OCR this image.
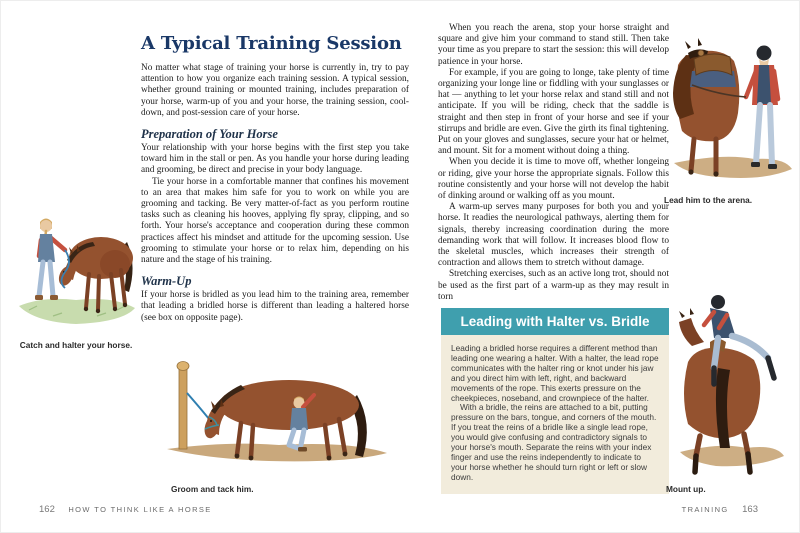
A Typical Training Session

No matter what stage of training your horse is currently in, try to pay attention to how you organize each training session. A typical session, whether ground training or mounted training, includes preparation of your horse, warm-up of you and your horse, the training session, cool-down, and post-session care of your horse.

Preparation of Your Horse

Your relationship with your horse begins with the first step you take toward him in the stall or pen. As you handle your horse during leading and grooming, be direct and precise in your body language.

Tie your horse in a comfortable manner that confines his movement to an area that makes him safe for you to work on while you are grooming and tacking. Be very matter-of-fact as you perform routine tasks such as cleaning his hooves, applying fly spray, clipping, and so forth. Your horse's acceptance and cooperation during these common practices affect his mindset and attitude for the upcoming session. Use grooming to stimulate your horse or to relax him, depending on his nature and the stage of his training.

Warm-Up

If your horse is bridled as you lead him to the training area, remember that leading a bridled horse is different than leading a haltered horse (see box on opposite page).

Catch and halter your horse.
Groom and tack him.
162 HOW TO THINK LIKE A HORSE

When you reach the arena, stop your horse straight and square and give him your command to stand still. Then take your time as you prepare to start the session: this will develop patience in your horse.

For example, if you are going to longe, take plenty of time organizing your longe line or fiddling with your sunglasses or hat — anything to let your horse relax and stand still and not anticipate. If you will be riding, check that the saddle is straight and then step in front of your horse and see if your stirrups and bridle are even. Give the girth its final tightening. Put on your gloves and sunglasses, secure your hat or helmet, and mount. Sit for a moment without doing a thing.

When you decide it is time to move off, whether longeing or riding, give your horse the appropriate signals. Follow this routine consistently and your horse will not develop the habit of dinking around or walking off as you mount.

A warm-up serves many purposes for both you and your horse. It readies the neurological pathways, alerting them for signals, thereby increasing coordination during the more demanding work that will follow. It increases blood flow to the skeletal muscles, which increases their strength of contraction and allows them to stretch without damage.

Stretching exercises, such as an active long trot, should not be used as the first part of a warm-up as they may result in torn

Leading with Halter vs. Bridle

Leading a bridled horse requires a different method than leading one wearing a halter. With a halter, the lead rope communicates with the halter ring or knot under his jaw and you direct him with left, right, and backward movements of the rope. This exerts pressure on the cheekpieces, noseband, and crownpiece of the halter.

With a bridle, the reins are attached to a bit, putting pressure on the bars, tongue, and corners of the mouth. If you treat the reins of a bridle like a single lead rope, you would give confusing and contradictory signals to your horse's mouth. Separate the reins with your index finger and use the reins independently to indicate to your horse whether he should turn right or left or slow down.

Lead him to the arena.
Mount up.
TRAINING 163
